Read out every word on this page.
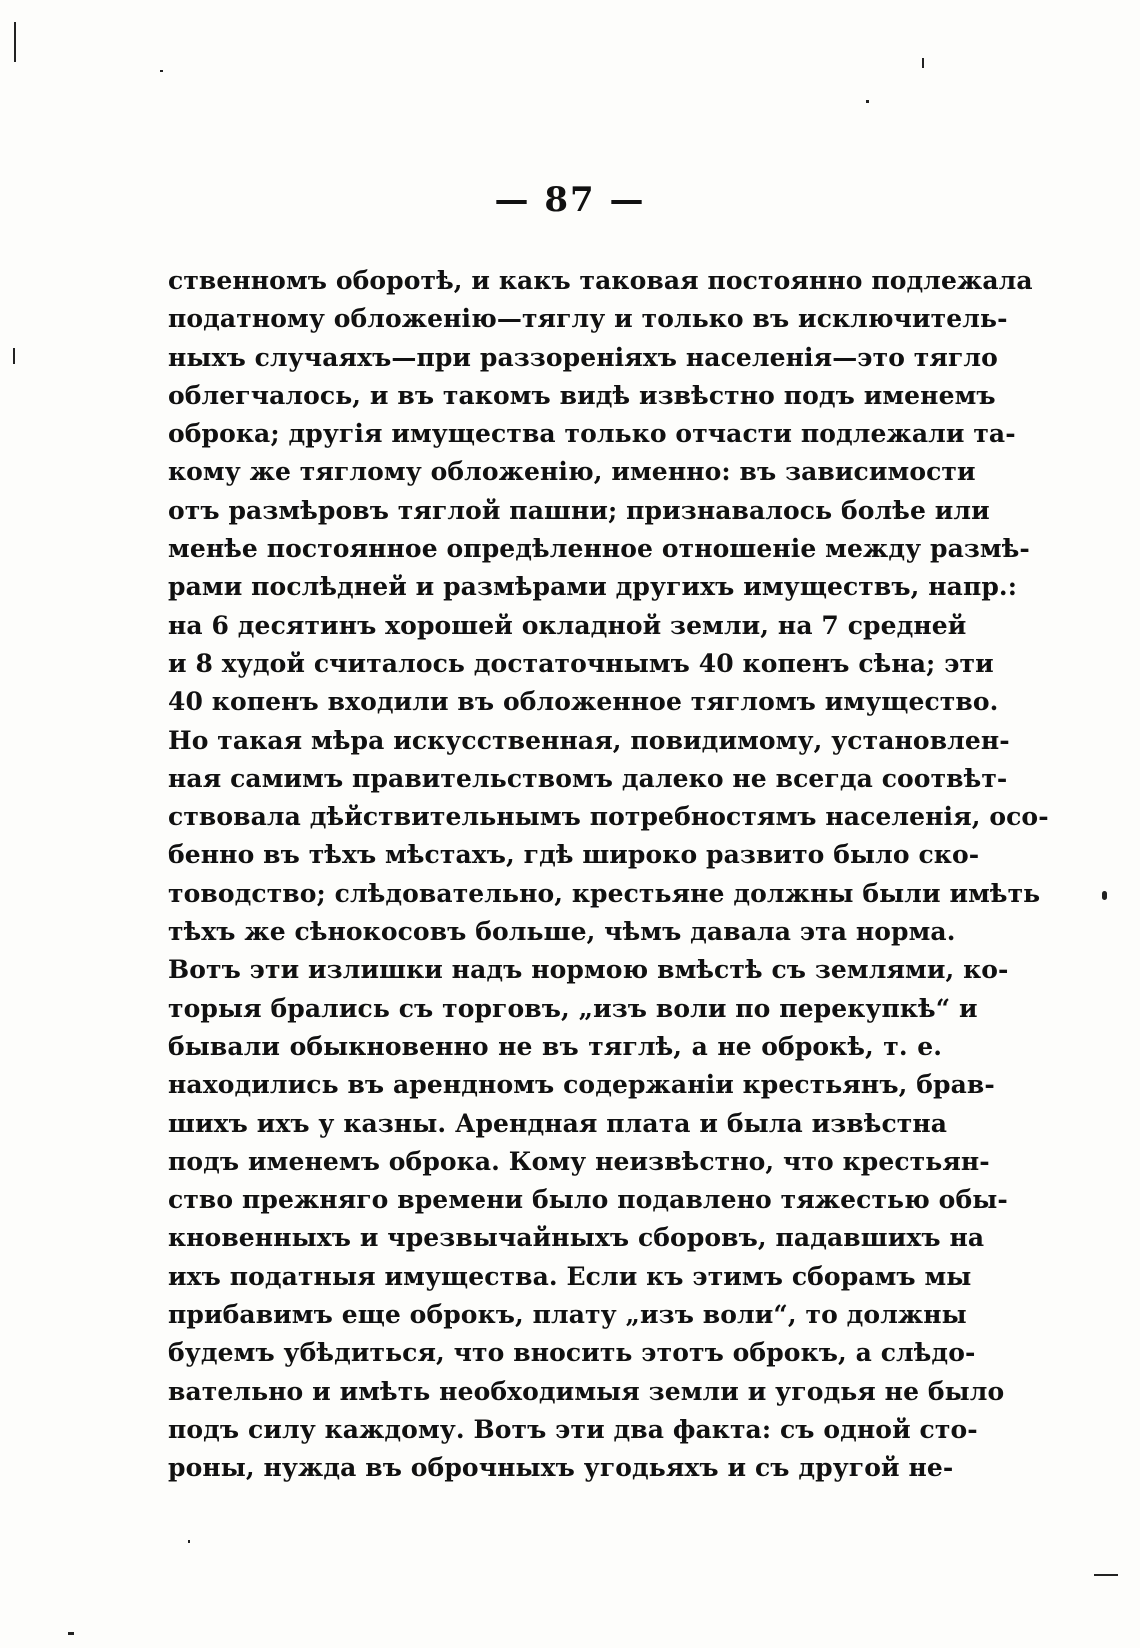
— 87 —
ственномъ оборотѣ, и какъ таковая постоянно подлежала
податному обложенію—тяглу и только въ исключитель-
ныхъ случаяхъ—при раззореніяхъ населенія—это тягло
облегчалось, и въ такомъ видѣ извѣстно подъ именемъ
оброка; другія имущества только отчасти подлежали та-
кому же тяглому обложенію, именно: въ зависимости
отъ размѣровъ тяглой пашни; признавалось болѣе или
менѣе постоянное опредѣленное отношеніе между размѣ-
рами послѣдней и размѣрами другихъ имуществъ, напр.:
на 6 десятинъ хорошей окладной земли, на 7 средней
и 8 худой считалось достаточнымъ 40 копенъ сѣна; эти
40 копенъ входили въ обложенное тягломъ имущество.
Но такая мѣра искусственная, повидимому, установлен-
ная самимъ правительствомъ далеко не всегда соотвѣт-
ствовала дѣйствительнымъ потребностямъ населенія, осо-
бенно въ тѣхъ мѣстахъ, гдѣ широко развито было ско-
товодство; слѣдовательно, крестьяне должны были имѣть
тѣхъ же сѣнокосовъ больше, чѣмъ давала эта норма.
Вотъ эти излишки надъ нормою вмѣстѣ съ землями, ко-
торыя брались съ торговъ, „изъ воли по перекупкѣ“ и
бывали обыкновенно не въ тяглѣ, а не оброкѣ, т. е.
находились въ арендномъ содержаніи крестьянъ, брав-
шихъ ихъ у казны. Арендная плата и была извѣстна
подъ именемъ оброка. Кому неизвѣстно, что крестьян-
ство прежняго времени было подавлено тяжестью обы-
кновенныхъ и чрезвычайныхъ сборовъ, падавшихъ на
ихъ податныя имущества. Если къ этимъ сборамъ мы
прибавимъ еще оброкъ, плату „изъ воли“, то должны
будемъ убѣдиться, что вносить этотъ оброкъ, а слѣдо-
вательно и имѣть необходимыя земли и угодья не было
подъ силу каждому. Вотъ эти два факта: съ одной сто-
роны, нужда въ оброчныхъ угодьяхъ и съ другой не-
